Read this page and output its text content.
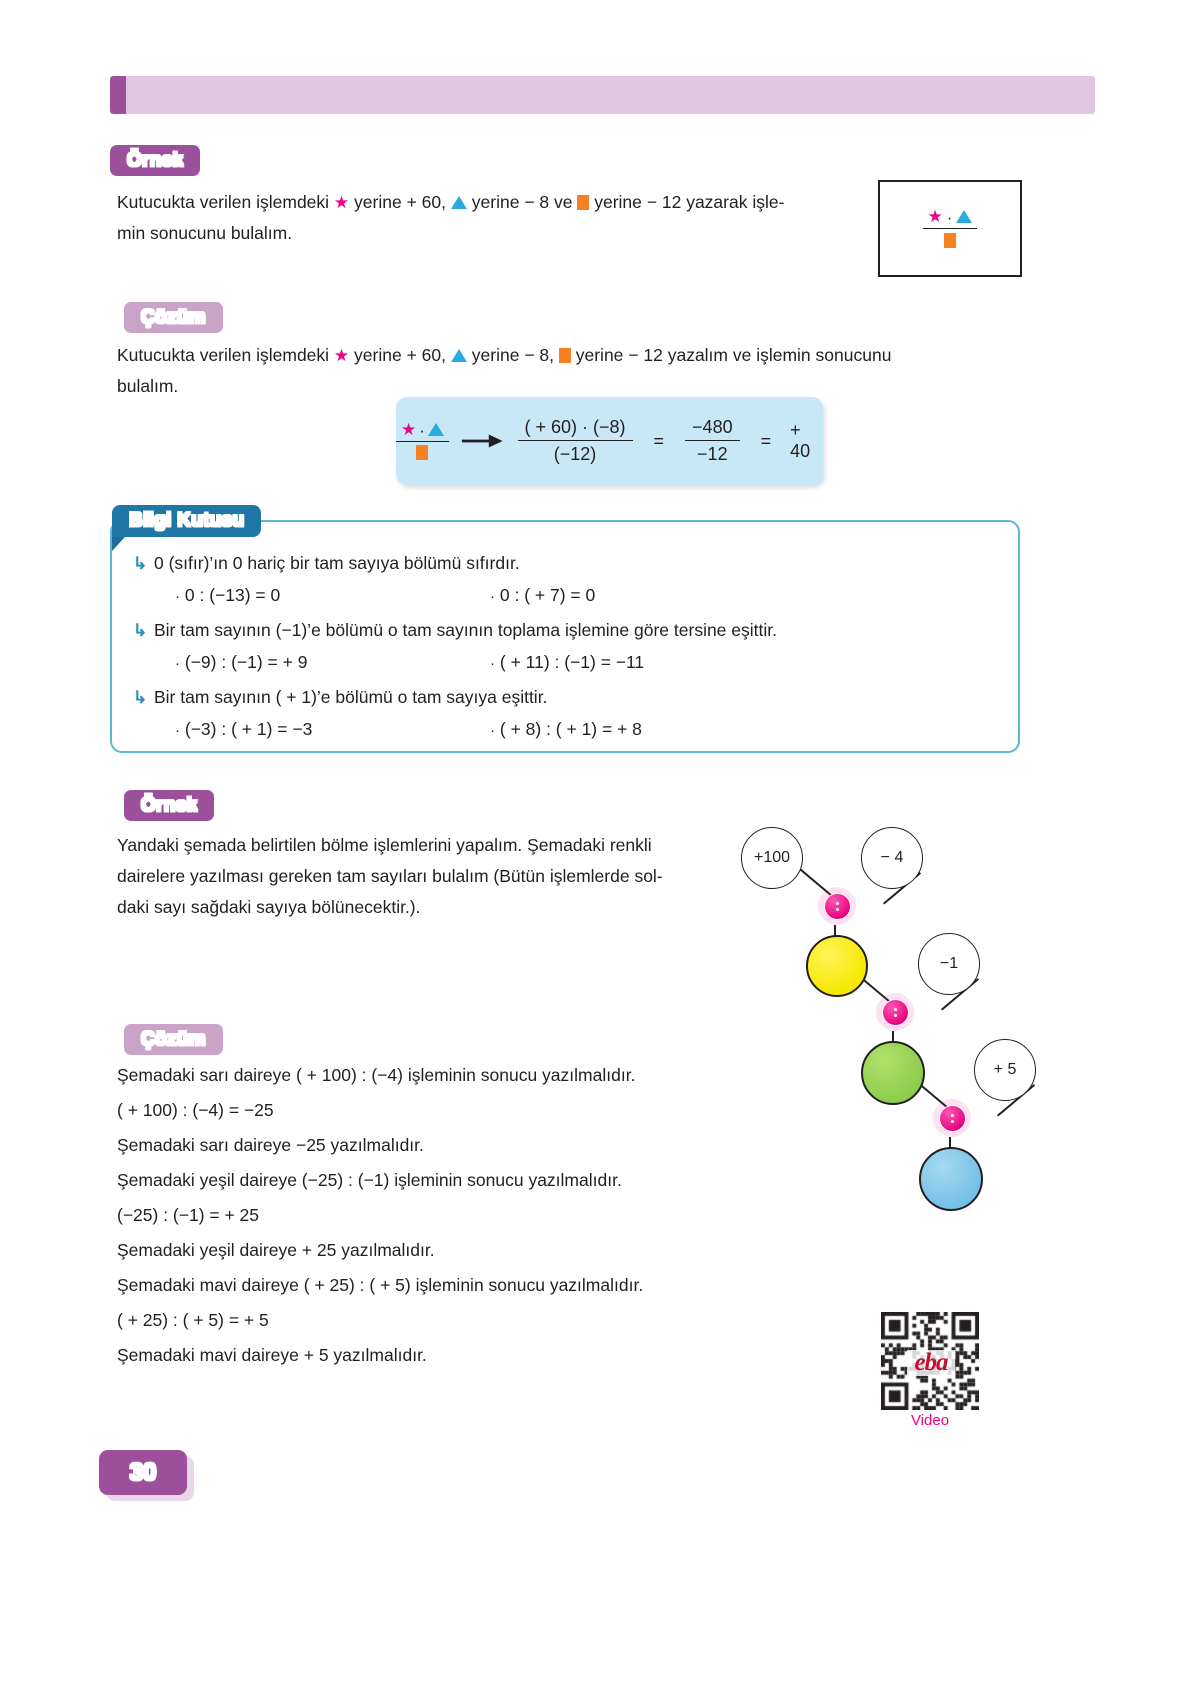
Örnek
Kutucukta verilen işlemdeki ★ yerine + 60, yerine − 8 ve yerine − 12 yazarak işle-
min sonucunu bulalım.
★ ·
Çözüm
Kutucukta verilen işlemdeki ★ yerine + 60, yerine − 8, yerine − 12 yazalım ve işlemin sonucunu
bulalım.
★ ·	$\frac{( + 60) \cdot (-8)}{(-12)} = \frac{-480}{-12}$ =
+ 40
Bilgi Kutusu
↳ 0 (sıfır)’ın 0 hariç bir tam sayıya bölümü sıfırdır.
· 0 : (−13) = 0	· 0 : ( + 7) = 0
↳ Bir tam sayının (−1)’e bölümü o tam sayının toplama işlemine göre tersine eşittir.
· (−9) : (−1) = + 9	· ( + 11) : (−1) = −11
↳ Bir tam sayının ( + 1)’e bölümü o tam sayıya eşittir.
· (−3) : ( + 1) = −3	· ( + 8) : ( + 1) = + 8
Örnek
Yandaki şemada belirtilen bölme işlemlerini yapalım. Şemadaki renkli
dairelere yazılması gereken tam sayıları bulalım (Bütün işlemlerde sol-
daki sayı sağdaki sayıya bölünecektir.).
+100	− 4
−1
+ 5
Çözüm
Şemadaki sarı daireye ( + 100) : (−4) işleminin sonucu yazılmalıdır.
( + 100) : (−4) = −25
Şemadaki sarı daireye −25 yazılmalıdır.
Şemadaki yeşil daireye (−25) : (−1) işleminin sonucu yazılmalıdır.
(−25) : (−1) = + 25
Şemadaki yeşil daireye + 25 yazılmalıdır.
Şemadaki mavi daireye ( + 25) : ( + 5) işleminin sonucu yazılmalıdır.
( + 25) : ( + 5) = + 5
Şemadaki mavi daireye + 5 yazılmalıdır.	eba
Video
30
